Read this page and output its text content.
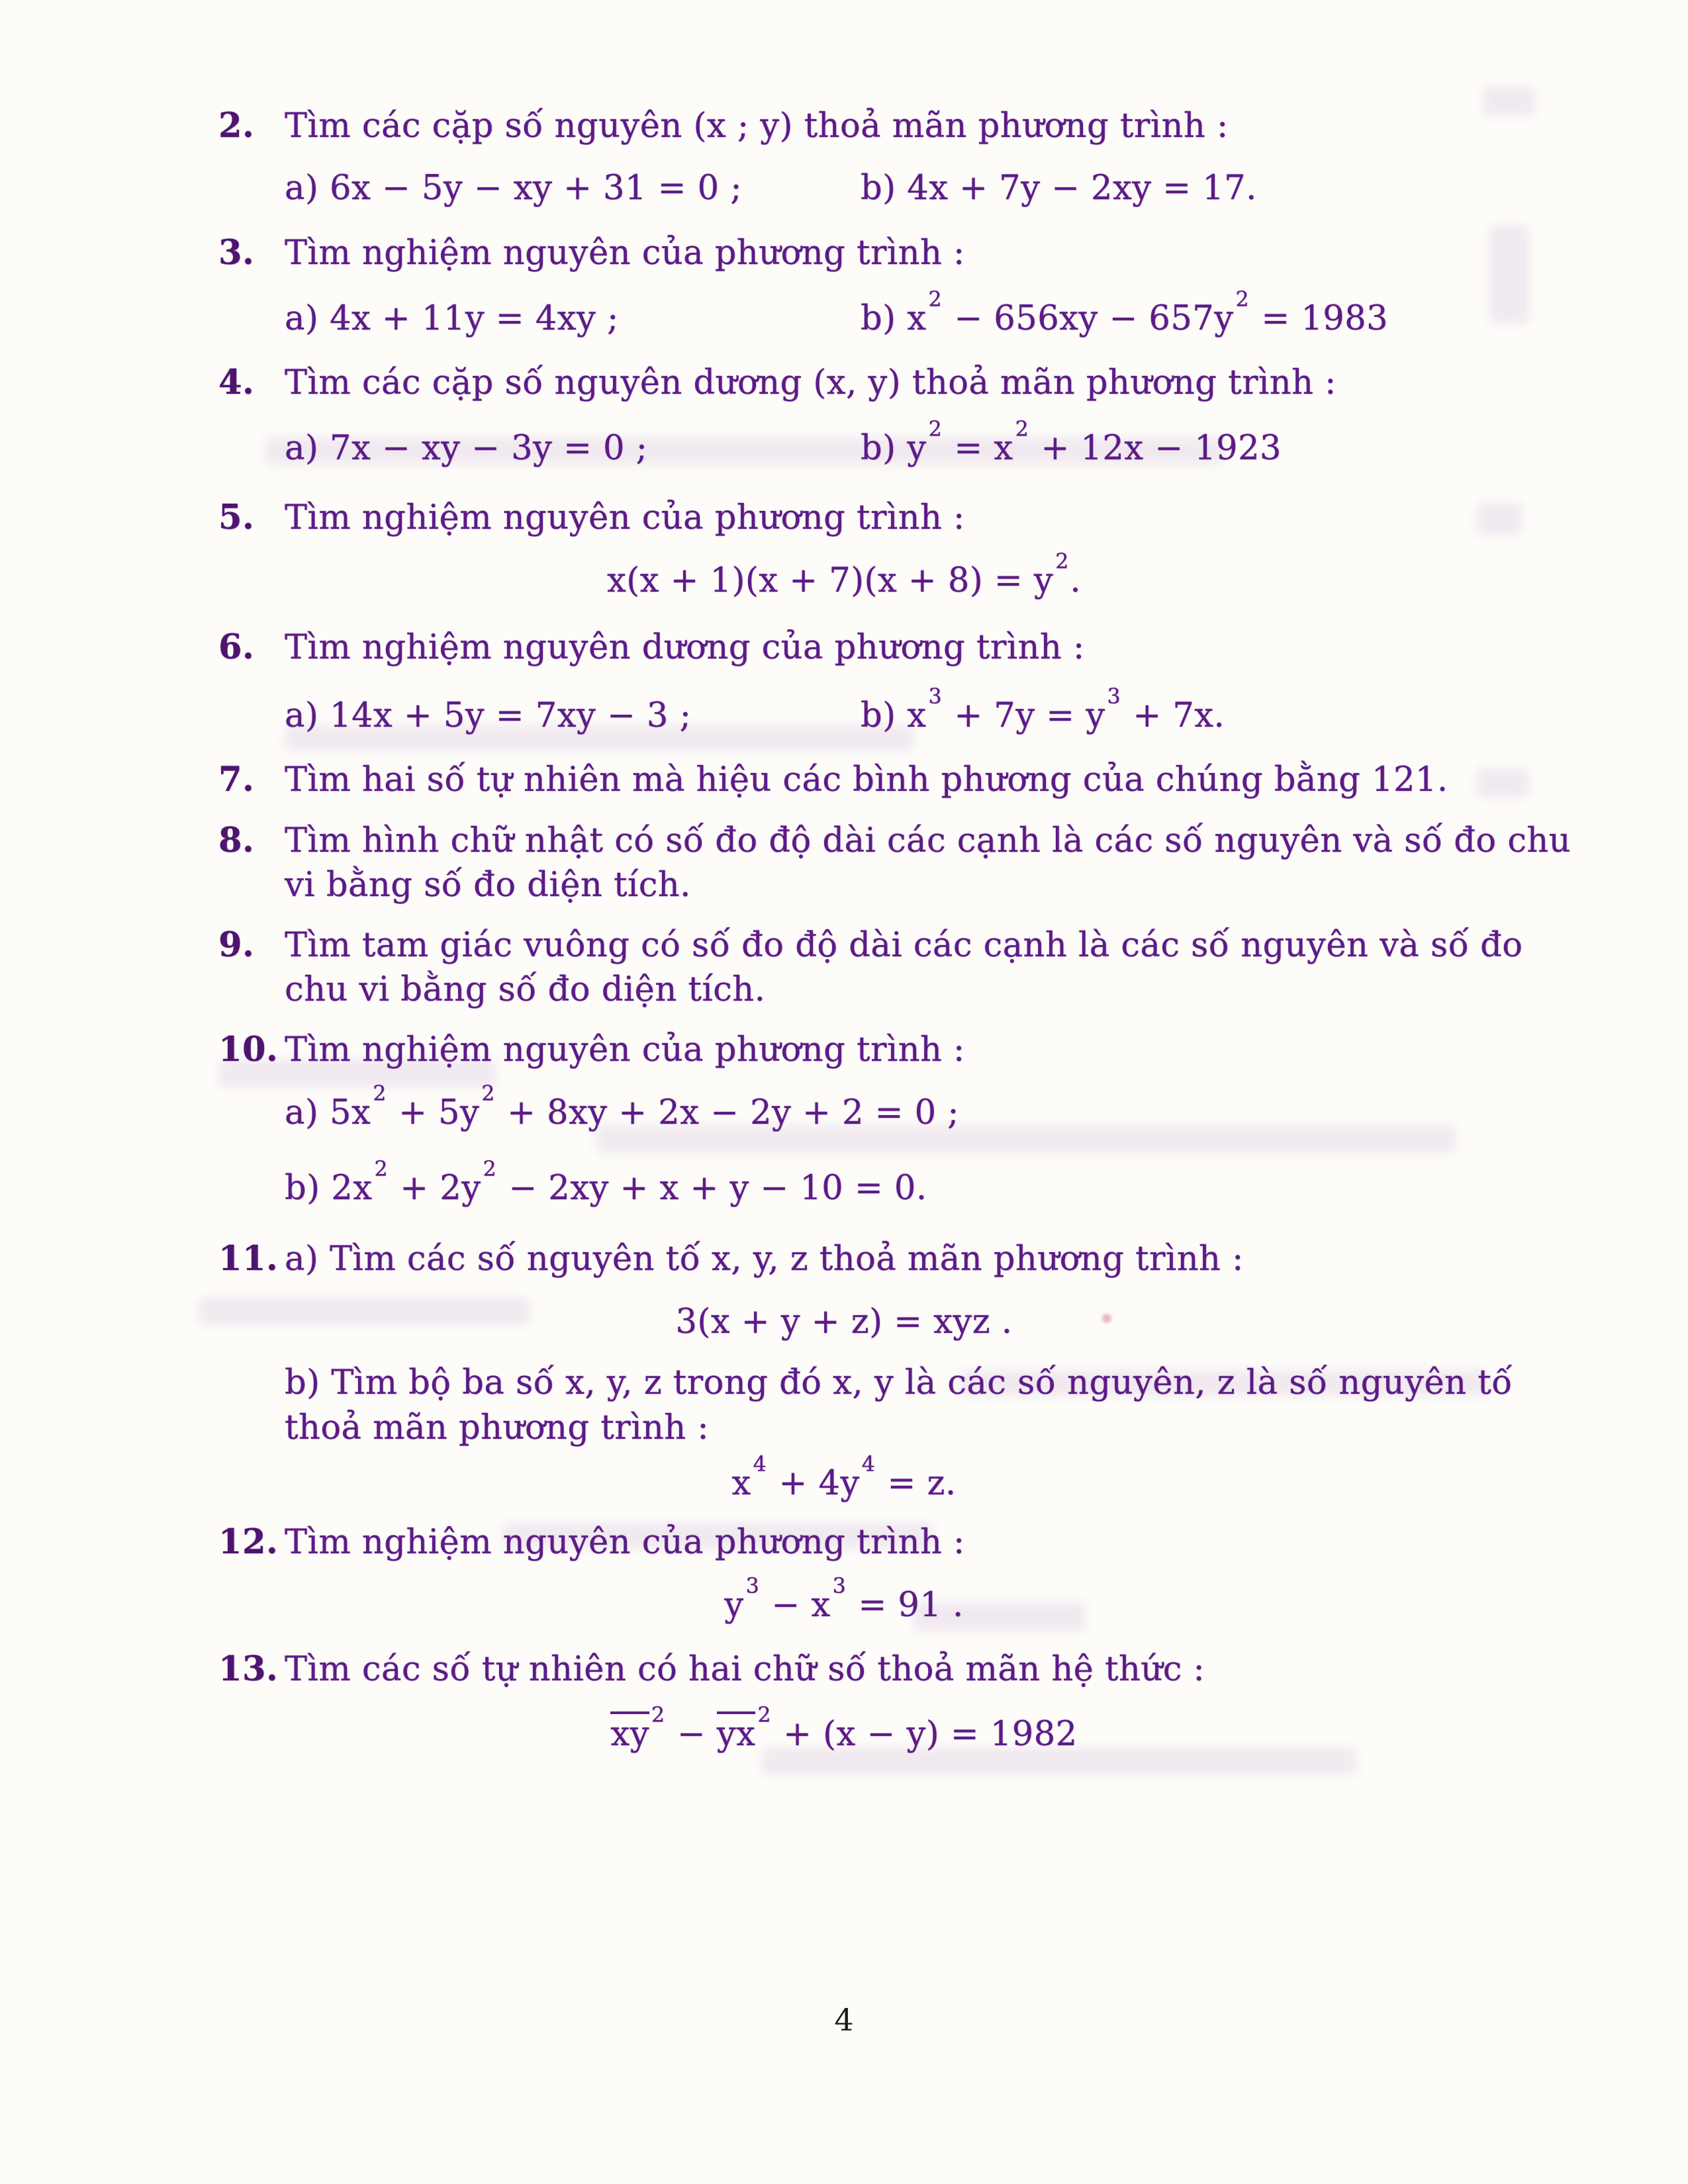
2. Tìm các cặp số nguyên (x ; y) thoả mãn phương trình :
a) 6x − 5y − xy + 31 = 0 ;	b) 4x + 7y − 2xy = 17.
3. Tìm nghiệm nguyên của phương trình :
a) 4x + 11y = 4xy ;	b) $x^2 - 656xy - 657y^2 = 1983$
4. Tìm các cặp số nguyên dương (x, y) thoả mãn phương trình :
a) 7x − xy − 3y = 0 ;	b) $y^2 = x^2 + 12x - 1923$
5. Tìm nghiệm nguyên của phương trình :
$x(x + 1)(x + 7)(x + 8) = y^2$.
6. Tìm nghiệm nguyên dương của phương trình :
a) 14x + 5y = 7xy − 3 ;	b) $x^3 + 7y = y^3 + 7x$.
7. Tìm hai số tự nhiên mà hiệu các bình phương của chúng bằng 121.
8. Tìm hình chữ nhật có số đo độ dài các cạnh là các số nguyên và số đo chu
vi bằng số đo diện tích.
9. Tìm tam giác vuông có số đo độ dài các cạnh là các số nguyên và số đo
chu vi bằng số đo diện tích.
10. Tìm nghiệm nguyên của phương trình :
a) $5x^2 + 5y^2 + 8xy + 2x - 2y + 2 = 0$ ;
b) $2x^2 + 2y^2 - 2xy + x + y - 10 = 0$.
11. a) Tìm các số nguyên tố x, y, z thoả mãn phương trình :
3(x + y + z) = xyz .
b) Tìm bộ ba số x, y, z trong đó x, y là các số nguyên, z là số nguyên tố
thoả mãn phương trình :
$x^4 + 4y^4 = z$.
12. Tìm nghiệm nguyên của phương trình :
$y^3 - x^3 = 91$ .
13. Tìm các số tự nhiên có hai chữ số thoả mãn hệ thức :
$xy^2 - yx^2 + (x - y) = 1982$
4
